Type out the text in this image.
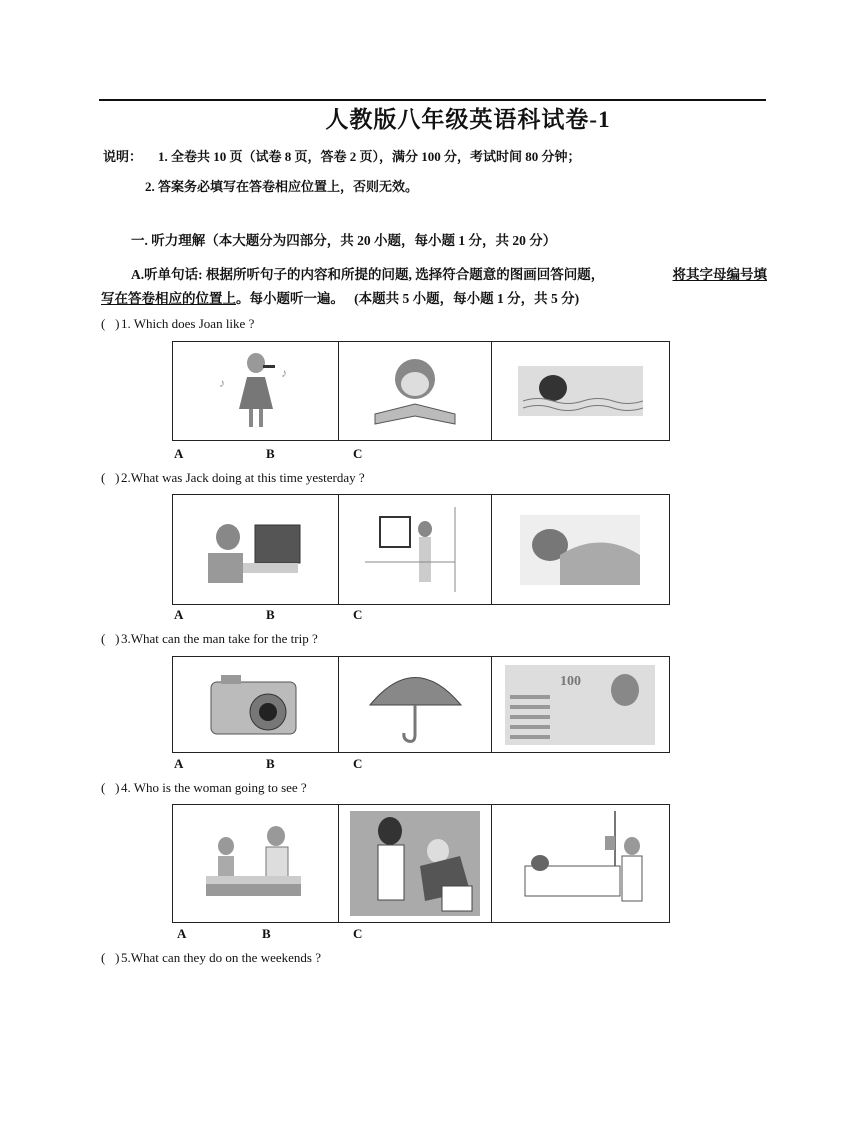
人教版八年级英语科试卷-1
说明： 1. 全卷共 10 页（试卷 8 页，答卷 2 页），满分 100 分，考试时间 80 分钟；
2. 答案务必填写在答卷相应位置上，否则无效。
一. 听力理解（本大题分为四部分，共 20 小题，每小题 1 分，共 20 分）
A.听单句话: 根据所听句子的内容和所提的问题, 选择符合题意的图画回答问题，	将其字母编号填
写在答卷相应的位置上。每小题听一遍。 (本题共 5 小题，每小题 1 分，共 5 分)
(   ) 1. Which does Joan like ?
♪
♪
A	B	C
(   ) 2.What was Jack doing at this time yesterday ?
A	B	C
(   ) 3.What can the man take for the trip ?
100
A	B	C
(   ) 4. Who is the woman going to see ?
A	B	C
(   ) 5.What can they do on the weekends ?
